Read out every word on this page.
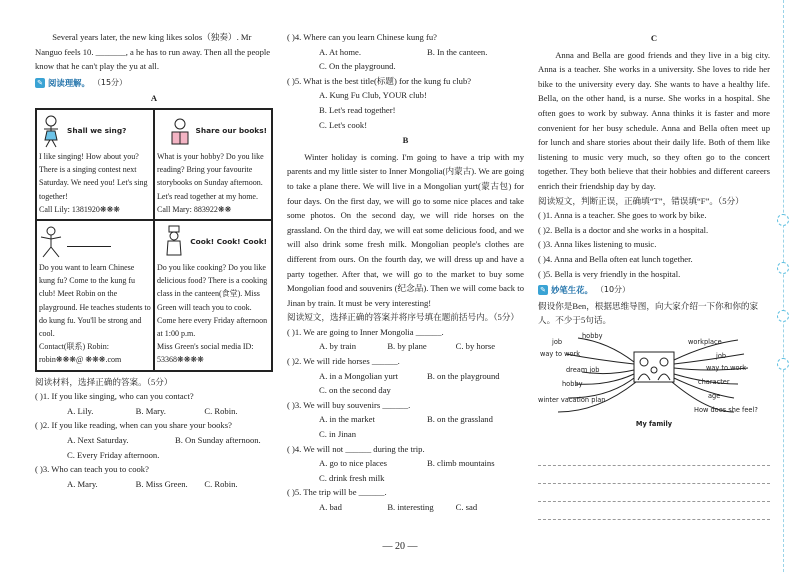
Several years later, the new king likes solos（独奏）. Mr Nanguo feels 10. _______, a he has to run away. Then all the people know that he can't play the yu at all.

✎ 阅读理解。 （15分）
A
Shall we sing?

I like singing! How about you? There is a singing contest next Saturday. We need you! Let's sing together!

Call Lily: 1381920❋❋❋

Share our books!

What is your hobby? Do you like reading? Bring your favourite storybooks on Sunday afternoon. Let's read together at my home.

Call Mary: 883922❋❋

Do you want to learn Chinese kung fu? Come to the kung fu club! Meet Robin on the playground. He teaches students to do kung fu. You'll be strong and cool.

Contact(联系) Robin: robin❋❋❋@ ❋❋❋.com

Cook! Cook! Cook!

Do you like cooking? Do you like delicious food? There is a cooking class in the canteen(食堂). Miss Green will teach you to cook. Come here every Friday afternoon at 1:00 p.m.

Miss Green's social media ID: 53368❋❋❋❋

阅读材料，选择正确的答案。（5分）

( )1. If you like singing, who can you contact?

A. Lily.	B. Mary.	C. Robin.

( )2. If you like reading, when can you share your books?

A. Next Saturday.	B. On Sunday afternoon.
C. Every Friday afternoon.

( )3. Who can teach you to cook?

A. Mary.	B. Miss Green.	C. Robin.

( )4. Where can you learn Chinese kung fu?

A. At home.	B. In the canteen.
C. On the playground.

( )5. What is the best title(标题) for the kung fu club?

A. Kung Fu Club, YOUR club!
B. Let's read together!
C. Let's cook!
B

Winter holiday is coming. I'm going to have a trip with my parents and my little sister to Inner Mongolia(内蒙古). We are going to take a plane there. We will live in a Mongolian yurt(蒙古包) for four days. On the first day, we will go to some nice places and take some photos. On the second day, we will ride horses on the grassland. On the third day, we will eat some delicious food, and we will also drink some fresh milk. Mongolian people's clothes are different from ours. On the fourth day, we will dress up and have a party together. After that, we will go to the market to buy some Mongolian food and souvenirs (纪念品). Then we will come back to Jinan by train. It must be very interesting!

阅读短文，选择正确的答案并将序号填在题前括号内。（5分）

( )1. We are going to Inner Mongolia ______.

A. by train	B. by plane	C. by horse

( )2. We will ride horses ______.

A. in a Mongolian yurt	B. on the playground
C. on the second day

( )3. We will buy souvenirs ______.

A. in the market	B. on the grassland
C. in Jinan

( )4. We will not ______ during the trip.

A. go to nice places	B. climb mountains
C. drink fresh milk

( )5. The trip will be ______.

A. bad	B. interesting	C. sad
C

Anna and Bella are good friends and they live in a big city. Anna is a teacher. She works in a university. She loves to ride her bike to the university every day. She wants to have a healthy life. Bella, on the other hand, is a nurse. She works in a hospital. She often goes to work by subway. Anna thinks it is faster and more convenient for her busy schedule. Anna and Bella often meet up for lunch and share stories about their daily life. Both of them like listening to music very much, so they often go to the concert together. They both believe that their hobbies and different careers enrich their friendship day by day.

阅读短文，判断正误，正确填“T”，错误填“F”。（5分）

( )1. Anna is a teacher. She goes to work by bike.

( )2. Bella is a doctor and she works in a hospital.

( )3. Anna likes listening to music.

( )4. Anna and Bella often eat lunch together.

( )5. Bella is very friendly in the hospital.

✎ 妙笔生花。 （10分）

假设你是Ben，根据思维导图，向大家介绍一下你和你的家人。不少于5句话。

hobby
job
way to work
dream job
hobby
winter vacation plan
workplace
job
way to work
character
age
How does she feel?
My family
— 20 —
